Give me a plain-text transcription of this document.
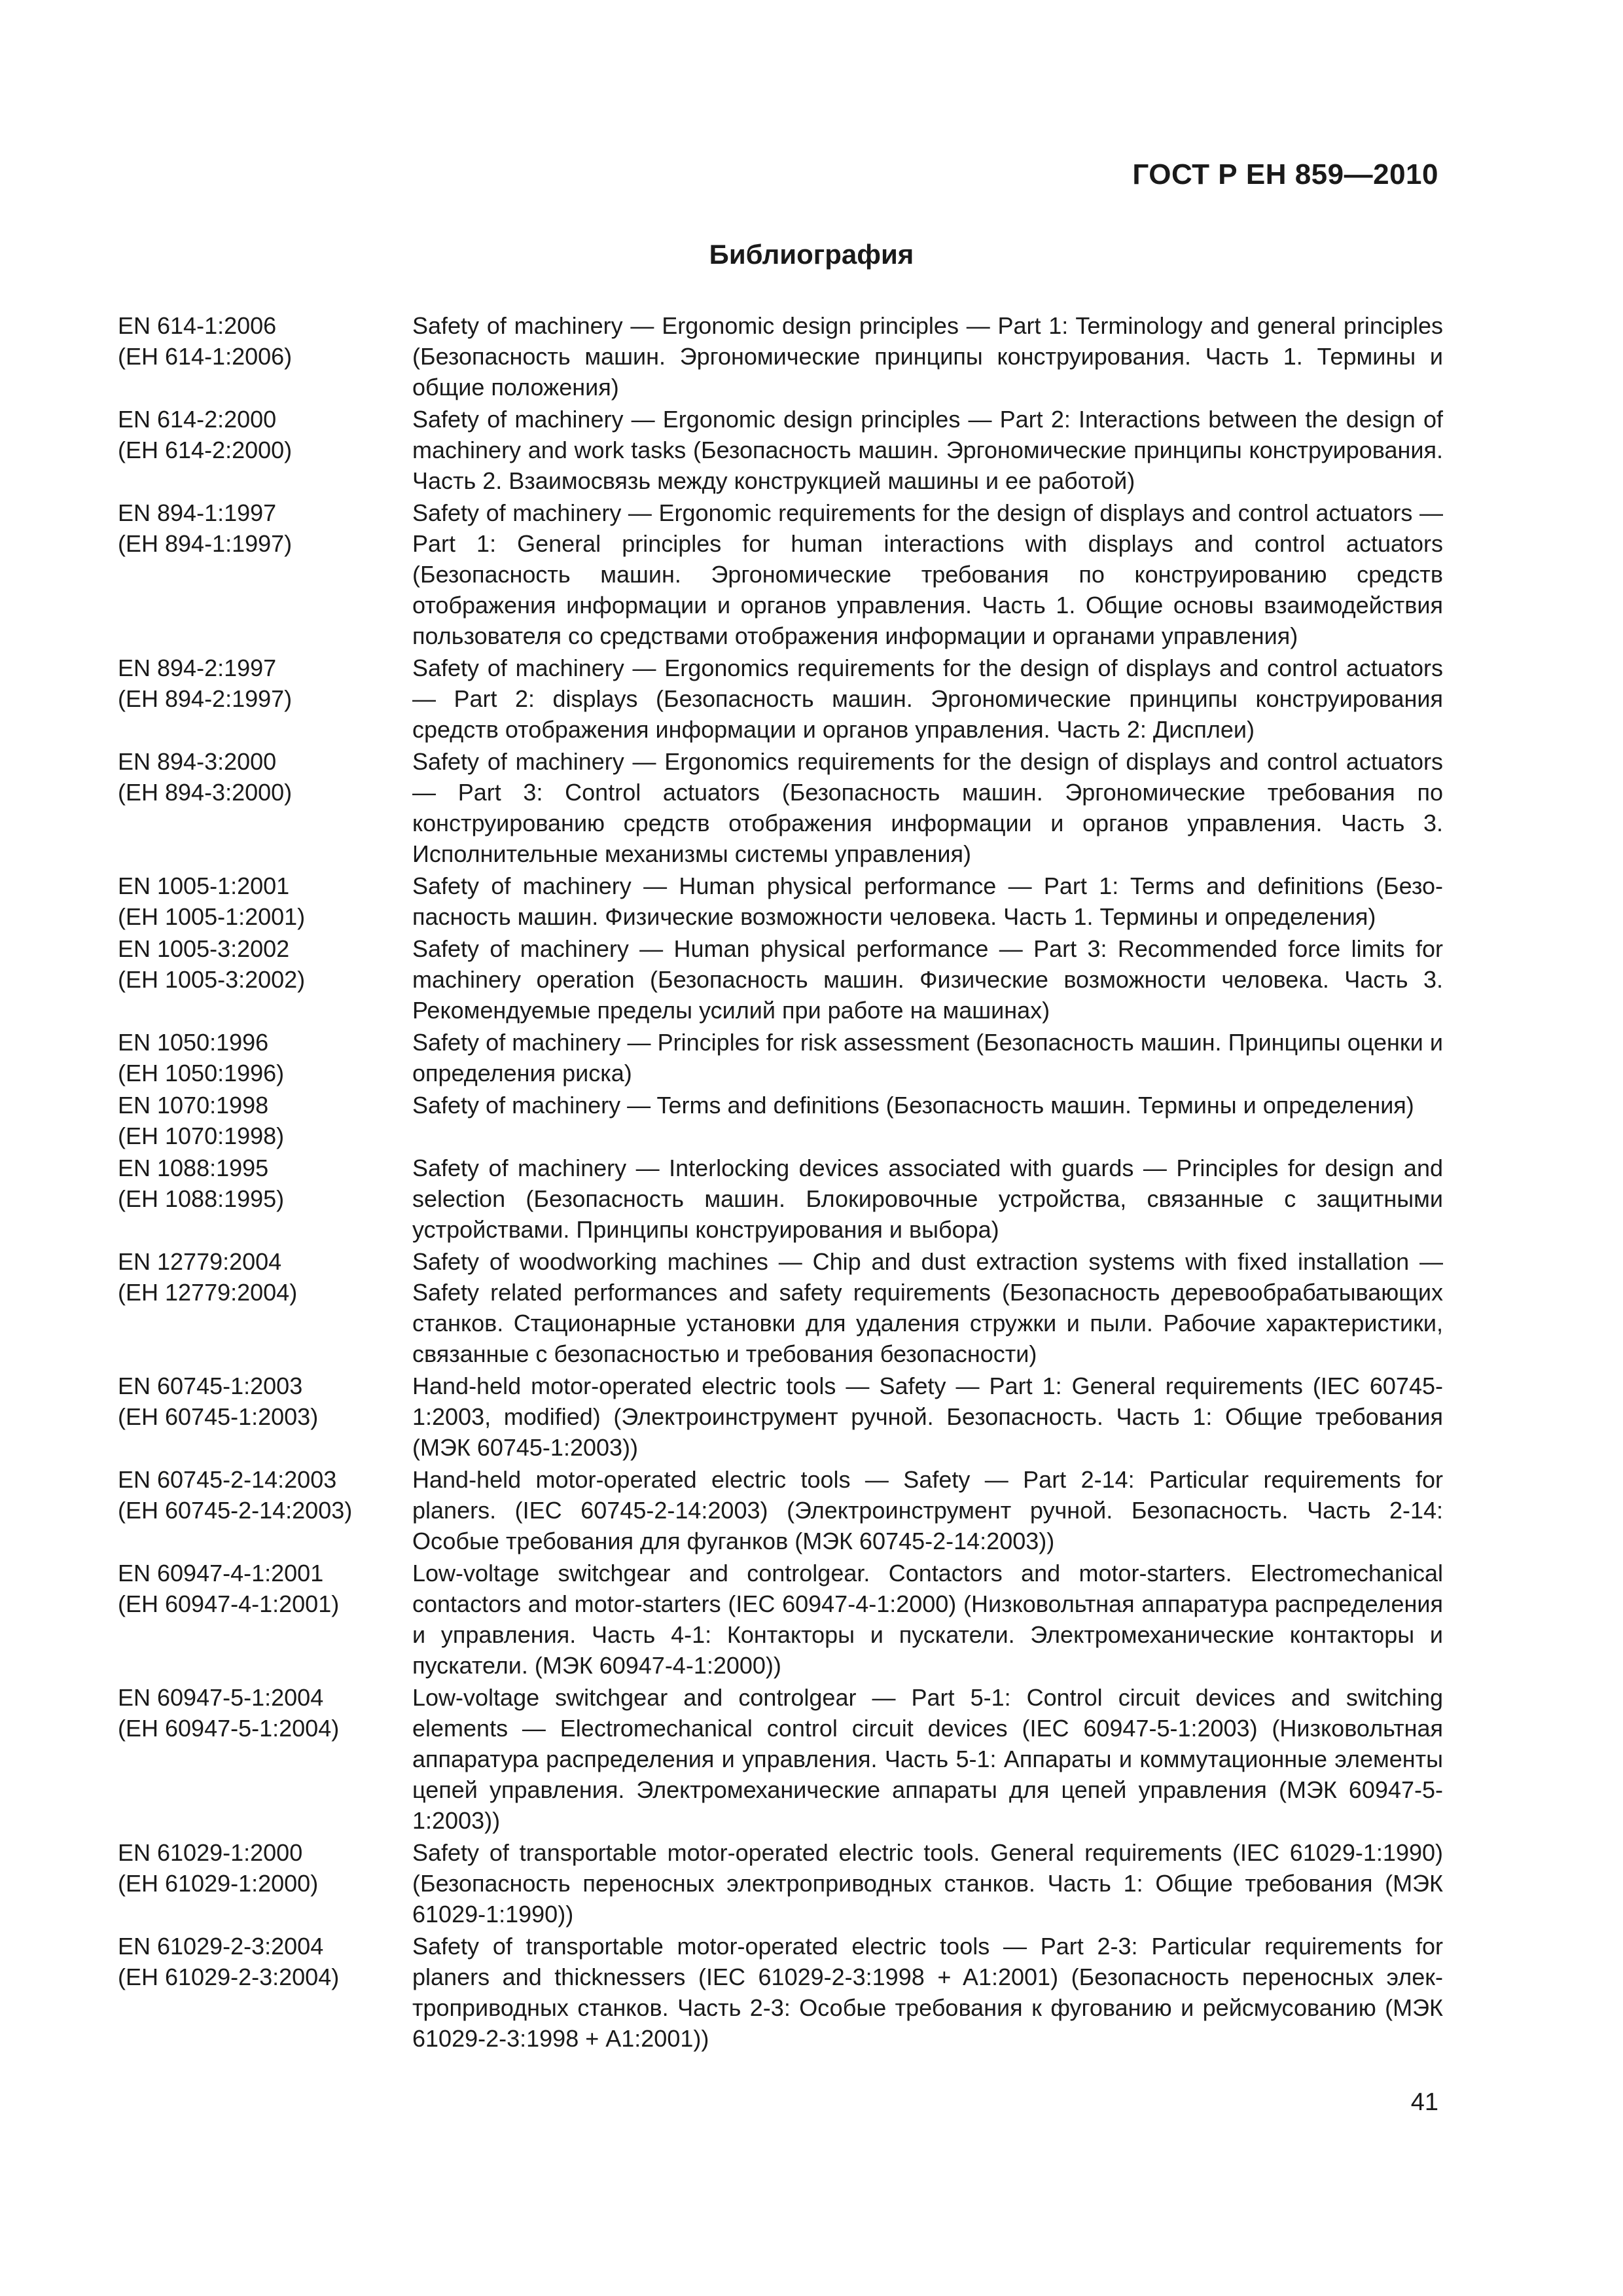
ГОСТ Р ЕН 859—2010
Библиография
EN 614-1:2006
(ЕН 614-1:2006)
Safety of machinery — Ergonomic design principles — Part 1: Terminology and general principles (Безопасность машин. Эргономические принципы конструирования. Часть 1. Термины и общие положения)
EN 614-2:2000
(ЕН 614-2:2000)
Safety of machinery — Ergonomic design principles — Part 2: Interactions between the design of machinery and work tasks (Безопасность машин. Эргономические принципы конструирования. Часть 2. Взаимосвязь между конструкцией машины и ее работой)
EN 894-1:1997
(ЕН 894-1:1997)
Safety of machinery — Ergonomic requirements for the design of displays and control actuators — Part 1: General principles for human interactions with displays and control actuators (Безопасность машин. Эргономические требования по конструированию средств отображения информации и органов управления. Часть 1. Общие основы взаимодействия пользователя со средствами отображения информации и органами управления)
EN 894-2:1997
(ЕН 894-2:1997)
Safety of machinery — Ergonomics requirements for the design of displays and control actuators — Part 2: displays (Безопасность машин. Эргономические принципы конструирования средств отображения информации и органов управления. Часть 2: Дисплеи)
EN 894-3:2000
(ЕН 894-3:2000)
Safety of machinery — Ergonomics requirements for the design of displays and control actuators — Part 3: Control actuators (Безопасность машин. Эргономические требования по конструированию средств отображения информации и органов управления. Часть 3. Исполнительные механизмы системы управления)
EN 1005-1:2001
(ЕН 1005-1:2001)
Safety of machinery — Human physical performance — Part 1: Terms and definitions (Безопасность машин. Физические возможности человека. Часть 1. Термины и определения)
EN 1005-3:2002
(ЕН 1005-3:2002)
Safety of machinery — Human physical performance — Part 3: Recommended force limits for machinery operation (Безопасность машин. Физические возможности человека. Часть 3. Рекомендуемые пределы усилий при работе на машинах)
EN 1050:1996
(ЕН 1050:1996)
Safety of machinery — Principles for risk assessment (Безопасность машин. Принципы оценки и определения риска)
EN 1070:1998
(ЕН 1070:1998)
Safety of machinery — Terms and definitions (Безопасность машин. Термины и определения)
EN 1088:1995
(ЕН 1088:1995)
Safety of machinery — Interlocking devices associated with guards — Principles for design and selection (Безопасность машин. Блокировочные устройства, связанные с защитными устройствами. Принципы конструирования и выбора)
EN 12779:2004
(ЕН 12779:2004)
Safety of woodworking machines — Chip and dust extraction systems with fixed installation — Safety related performances and safety requirements (Безопасность деревообрабатывающих станков. Стационарные установки для удаления стружки и пыли. Рабочие характеристики, связанные с безопасностью и требования безопасности)
EN 60745-1:2003
(ЕН 60745-1:2003)
Hand-held motor-operated electric tools — Safety — Part 1: General requirements (IEC 60745-1:2003, modified) (Электроинструмент ручной. Безопасность. Часть 1: Общие требования (МЭК 60745-1:2003))
EN 60745-2-14:2003
(ЕН 60745-2-14:2003)
Hand-held motor-operated electric tools — Safety — Part 2-14: Particular requirements for planers. (IEC 60745-2-14:2003) (Электроинструмент ручной. Безопасность. Часть 2-14: Особые требования для фуганков (МЭК 60745-2-14:2003))
EN 60947-4-1:2001
(ЕН 60947-4-1:2001)
Low-voltage switchgear and controlgear. Contactors and motor-starters. Electromechanical contactors and motor-starters (IEC 60947-4-1:2000) (Низковольтная аппаратура распределения и управления. Часть 4-1: Контакторы и пускатели. Электромеханические контакторы и пускатели. (МЭК 60947-4-1:2000))
EN 60947-5-1:2004
(ЕН 60947-5-1:2004)
Low-voltage switchgear and controlgear — Part 5-1: Control circuit devices and switching elements — Electromechanical control circuit devices (IEC 60947-5-1:2003) (Низковольтная аппаратура распределения и управления. Часть 5-1: Аппараты и коммутационные элементы цепей управления. Электромеханические аппараты для цепей управления (МЭК 60947-5-1:2003))
EN 61029-1:2000
(ЕН 61029-1:2000)
Safety of transportable motor-operated electric tools. General requirements (IEC 61029-1:1990) (Безопасность переносных электроприводных станков. Часть 1: Общие требования (МЭК 61029-1:1990))
EN 61029-2-3:2004
(ЕН 61029-2-3:2004)
Safety of transportable motor-operated electric tools — Part 2-3: Particular requirements for planers and thicknessers (IEC 61029-2-3:1998 + A1:2001) (Безопасность переносных электроприводных станков. Часть 2-3: Особые требования к фугованию и рейсмусованию (МЭК 61029-2-3:1998 + A1:2001))
41
